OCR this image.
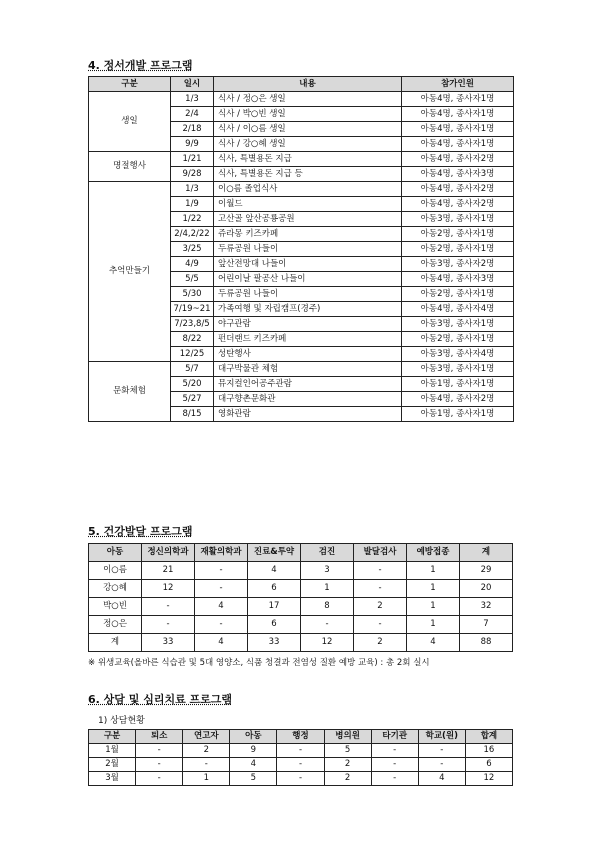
4. 정서개발 프로그램
구분	일시	내용	참가인원
생일	1/3	식사 / 정○은 생일	아동4명, 종사자1명
	2/4	식사 / 박○빈 생일	아동4명, 종사자1명
	2/18	식사 / 이○름 생일	아동4명, 종사자1명
	9/9	식사 / 강○혜 생일	아동4명, 종사자1명
명절행사	1/21	식사, 특별용돈 지급	아동4명, 종사자2명
	9/28	식사, 특별용돈 지급 등	아동4명, 종사자3명
추억만들기	1/3	이○름 졸업식사	아동4명, 종사자2명
	1/9	이월드	아동4명, 종사자2명
	1/22	고산골 앞산공룡공원	아동3명, 종사자1명
	2/4,2/22	쥬라몽 키즈카페	아동2명, 종사자1명
	3/25	두류공원 나들이	아동2명, 종사자1명
	4/9	앞산전망대 나들이	아동3명, 종사자2명
	5/5	어린이날 팔공산 나들이	아동4명, 종사자3명
	5/30	두류공원 나들이	아동2명, 종사자1명
	7/19~21	가족여행 및 자립캠프(경주)	아동4명, 종사자4명
	7/23,8/5	야구관람	아동3명, 종사자1명
	8/22	펀더랜드 키즈카페	아동2명, 종사자1명
	12/25	성탄행사	아동3명, 종사자4명
문화체험	5/7	대구박물관 체험	아동3명, 종사자1명
	5/20	뮤지컬인어공주관람	아동1명, 종사자1명
	5/27	대구향촌문화관	아동4명, 종사자2명
	8/15	영화관람	아동1명, 종사자1명
5. 건강발달 프로그램
아동	정신의학과	재활의학과	진료&투약	검진	발달검사	예방접종	계
이○름	21	-	4	3	-	1	29
강○혜	12	-	6	1	-	1	20
박○빈	-	4	17	8	2	1	32
정○은	-	-	6	-	-	1	7
계	33	4	33	12	2	4	88
※ 위생교육(올바른 식습관 및 5대 영양소, 식품 청결과 전염성 질환 예방 교육) : 총 2회 실시
6. 상담 및 심리치료 프로그램
1) 상담현황
구분	퇴소	연고자	아동	행정	병의원	타기관	학교(원)	합계
1월	-	2	9	-	5	-	-	16
2월	-	-	4	-	2	-	-	6
3월	-	1	5	-	2	-	4	12
